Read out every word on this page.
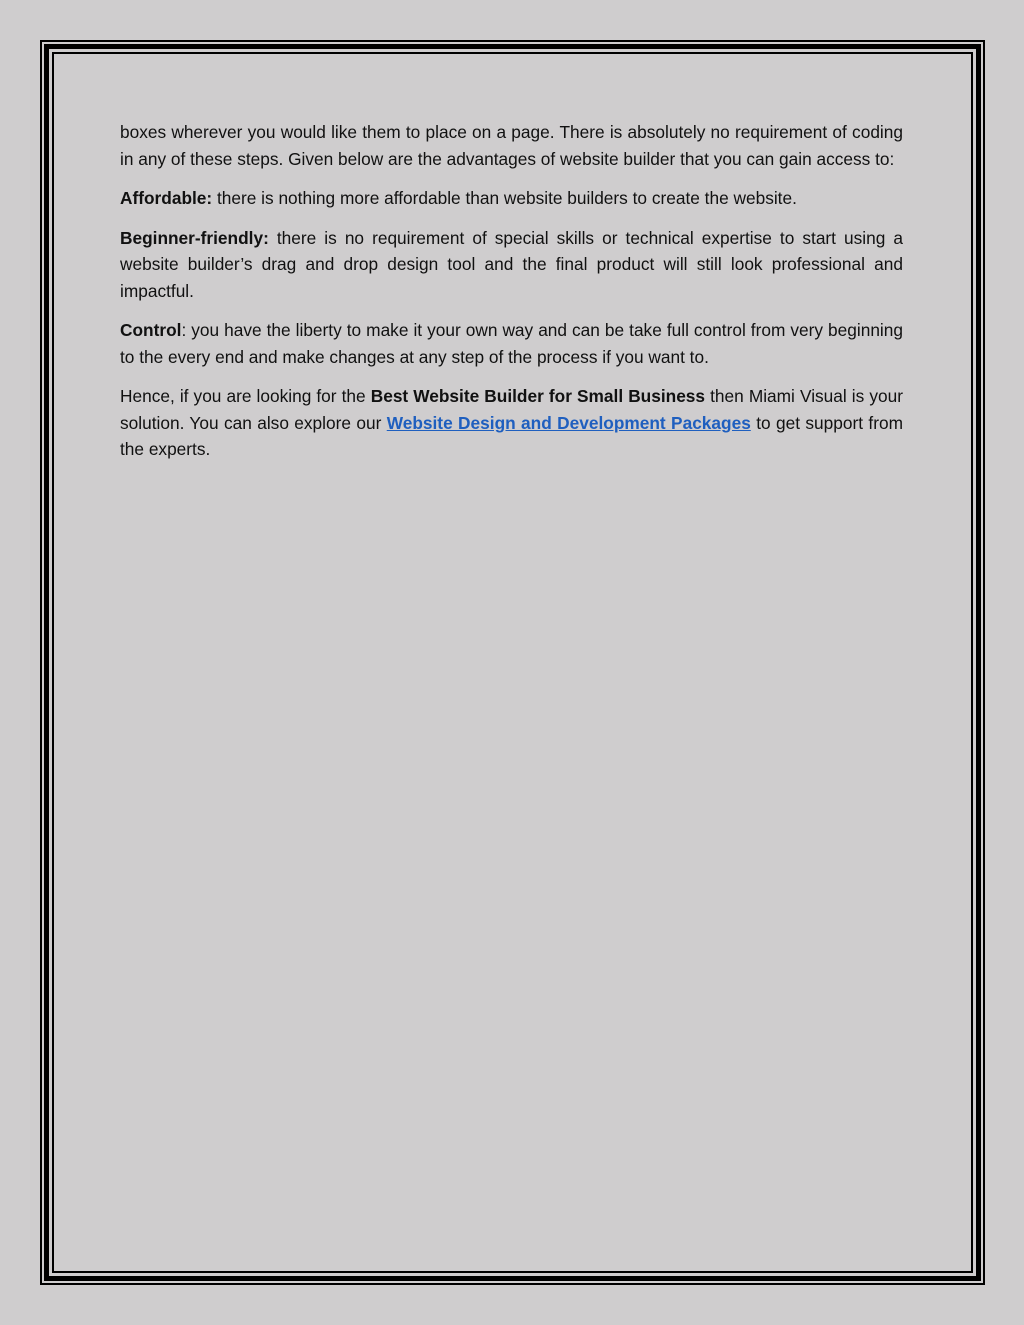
boxes wherever you would like them to place on a page. There is absolutely no requirement of coding in any of these steps. Given below are the advantages of website builder that you can gain access to:

Affordable: there is nothing more affordable than website builders to create the website.

Beginner-friendly: there is no requirement of special skills or technical expertise to start using a website builder’s drag and drop design tool and the final product will still look professional and impactful.

Control: you have the liberty to make it your own way and can be take full control from very beginning to the every end and make changes at any step of the process if you want to.

Hence, if you are looking for the Best Website Builder for Small Business then Miami Visual is your solution. You can also explore our Website Design and Development Packages to get support from the experts.
